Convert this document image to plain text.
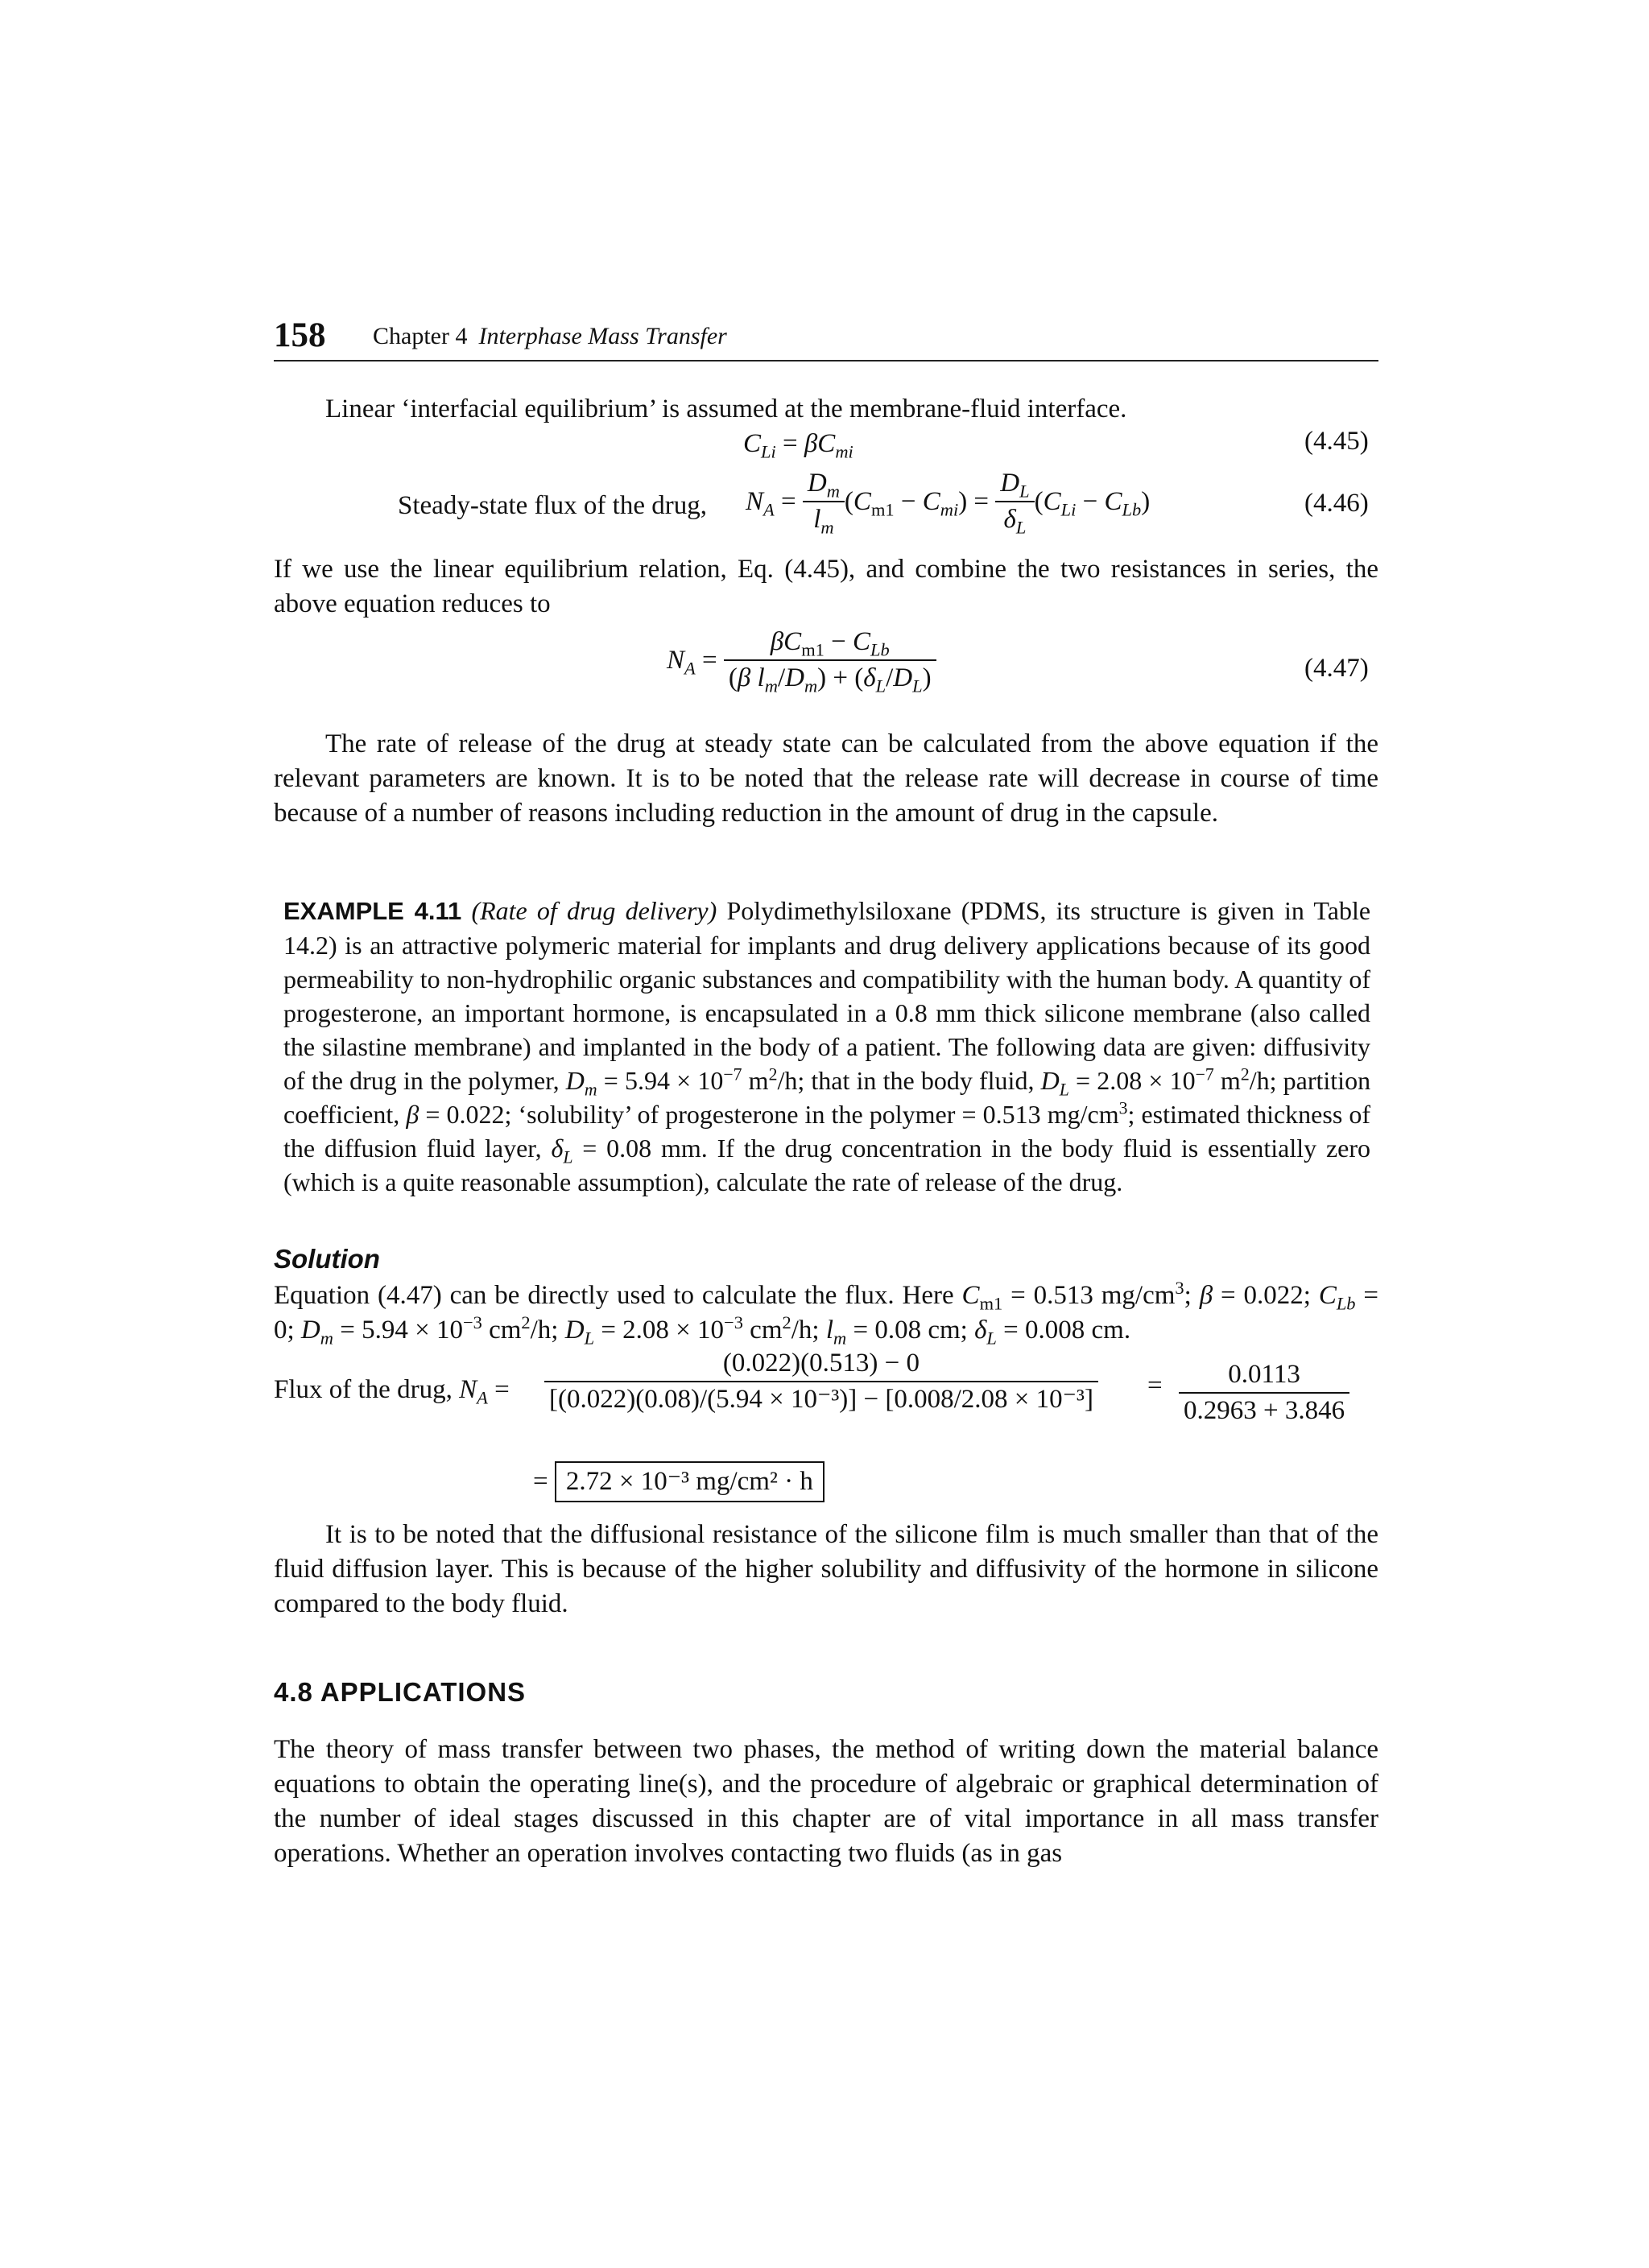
158 Chapter 4 Interphase Mass Transfer
Linear ‘interfacial equilibrium’ is assumed at the membrane-fluid interface.
$C_{Li} = \beta C_{mi}$	(4.45)
Steady-state flux of the drug, $N_A = \frac{D_m}{l_m} (C_{m1} - C_{mi}) = \frac{D_L}{\delta_L} (C_{Li} - C_{Lb})$	(4.46)
If we use the linear equilibrium relation, Eq. (4.45), and combine the two resistances in series, the above equation reduces to
$N_A = \frac{\beta C_{m1} - C_{Lb}}{(\beta l_m/D_m) + (\delta_L/D_L)}$	(4.47)
The rate of release of the drug at steady state can be calculated from the above equation if the relevant parameters are known. It is to be noted that the release rate will decrease in course of time because of a number of reasons including reduction in the amount of drug in the capsule.
EXAMPLE 4.11 (Rate of drug delivery) Polydimethylsiloxane (PDMS, its structure is given in Table 14.2) is an attractive polymeric material for implants and drug delivery applications because of its good permeability to non-hydrophilic organic substances and compatibility with the human body. A quantity of progesterone, an important hormone, is encapsulated in a 0.8 mm thick silicone membrane (also called the silastine membrane) and implanted in the body of a patient. The following data are given: diffusivity of the drug in the polymer, $D_m = 5.94 \times 10^{-7}$ $m^2/h$; that in the body fluid, $D_L = 2.08 \times 10^{-7}$ $m^2/h$; partition coefficient, β = 0.022; ‘solubility’ of progesterone in the polymer = 0.513 $mg/cm^3$; estimated thickness of the diffusion fluid layer, $\delta_L = 0.08$ mm. If the drug concentration in the body fluid is essentially zero (which is a quite reasonable assumption), calculate the rate of release of the drug.
Solution
Equation (4.47) can be directly used to calculate the flux. Here $C_{m1} = 0.513$ $mg/cm^3$; β = 0.022; $C_{Lb} = 0$; $D_m = 5.94 \times 10^{-3}$ $cm^2/h$; $D_L = 2.08 \times 10^{-3}$ $cm^2/h$; $l_m = 0.08$ cm; $\delta_L = 0.008$ cm.
Flux of the drug, $N_A = \frac{(0.022)(0.513) - 0}{\text{[(0.022)(0.08)/(5.94 × 10⁻³)] − [0.008/2.08 × 10⁻³]}} = \frac{0.0113}{0.2963 + 3.846}$
= 2.72 × 10⁻³ mg/cm² · h
It is to be noted that the diffusional resistance of the silicone film is much smaller than that of the fluid diffusion layer. This is because of the higher solubility and diffusivity of the hormone in silicone compared to the body fluid.
4.8 APPLICATIONS
The theory of mass transfer between two phases, the method of writing down the material balance equations to obtain the operating line(s), and the procedure of algebraic or graphical determination of the number of ideal stages discussed in this chapter are of vital importance in all mass transfer operations. Whether an operation involves contacting two fluids (as in gas
